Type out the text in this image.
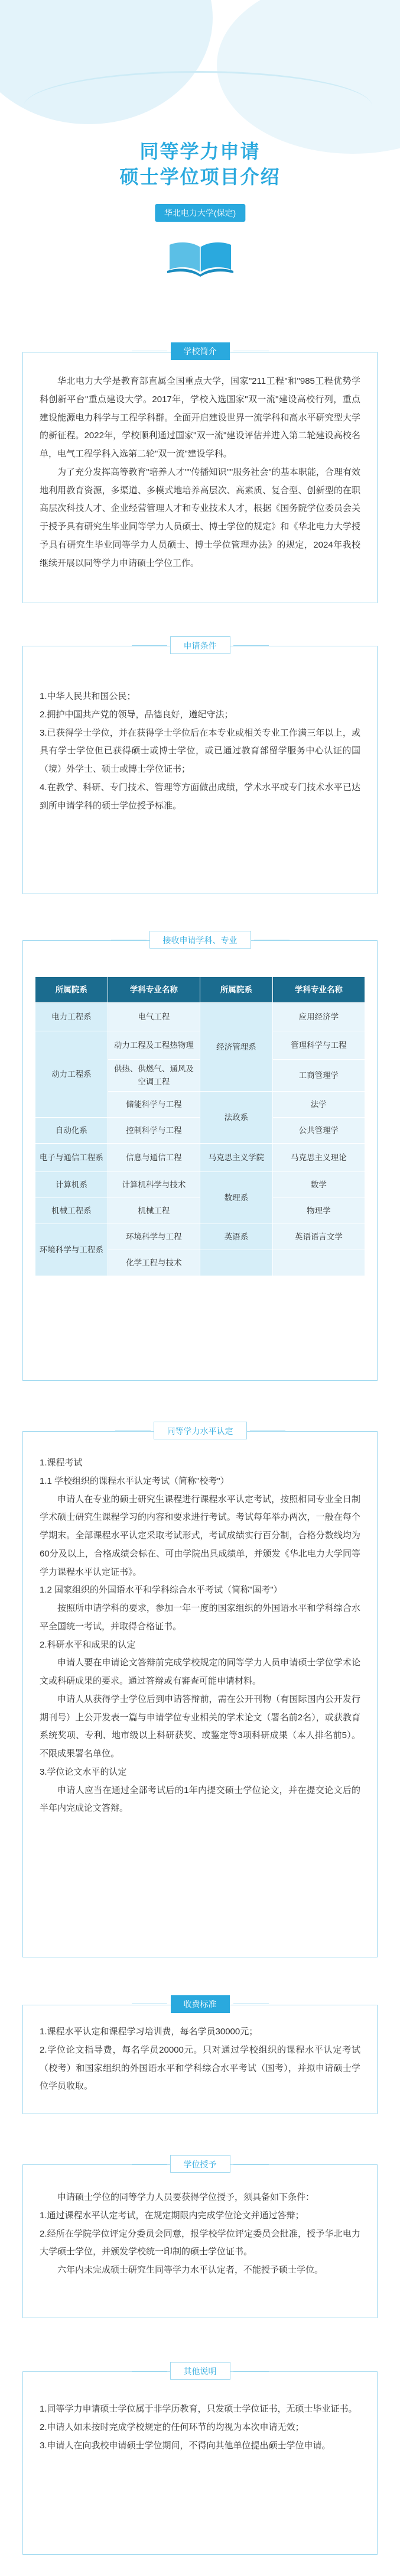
同等学力申请
硕士学位项目介绍
华北电力大学(保定)
学校简介

华北电力大学是教育部直属全国重点大学，国家"211工程"和"985工程优势学科创新平台"重点建设大学。2017年，学校入选国家"双一流"建设高校行列，重点建设能源电力科学与工程学科群。全面开启建设世界一流学科和高水平研究型大学的新征程。2022年，学校顺利通过国家"双一流"建设评估并进入第二轮建设高校名单，电气工程学科入选第二轮"双一流"建设学科。

为了充分发挥高等教育"培养人才""传播知识""服务社会"的基本职能，合理有效地利用教育资源，多渠道、多模式地培养高层次、高素质、复合型、创新型的在职高层次科技人才、企业经营管理人才和专业技术人才，根据《国务院学位委员会关于授予具有研究生毕业同等学力人员硕士、博士学位的规定》和《华北电力大学授予具有研究生毕业同等学力人员硕士、博士学位管理办法》的规定，2024年我校继续开展以同等学力申请硕士学位工作。

申请条件

1.中华人民共和国公民；

2.拥护中国共产党的领导，品德良好，遵纪守法；

3.已获得学士学位，并在获得学士学位后在本专业或相关专业工作满三年以上，或具有学士学位但已获得硕士或博士学位，或已通过教育部留学服务中心认证的国（境）外学士、硕士或博士学位证书；

4.在教学、科研、专门技术、管理等方面做出成绩，学术水平或专门技术水平已达到所申请学科的硕士学位授予标准。

接收申请学科、专业
所属院系	学科专业名称	所属院系	学科专业名称
电力工程系	电气工程	经济管理系	应用经济学
动力工程系	动力工程及工程热物理		管理科学与工程
	供热、供燃气、通风及空调工程		工商管理学
	储能科学与工程	法政系	法学
自动化系	控制科学与工程		公共管理学
电子与通信工程系	信息与通信工程	马克思主义学院	马克思主义理论
计算机系	计算机科学与技术	数理系	数学
机械工程系	机械工程		物理学
环境科学与工程系	环境科学与工程	英语系	英语语言文学
	化学工程与技术		
同等学力水平认定

1.课程考试

1.1 学校组织的课程水平认定考试（简称"校考"）

申请人在专业的硕士研究生课程进行课程水平认定考试，按照相同专业全日制学术硕士研究生课程学习的内容和要求进行考试。考试每年举办两次，一般在每个学期末。全部课程水平认定采取考试形式，考试成绩实行百分制，合格分数线均为60分及以上，合格成绩会标在、可由学院出具成绩单，并颁发《华北电力大学同等学力课程水平认定证书》。

1.2 国家组织的外国语水平和学科综合水平考试（简称"国考"）

按照所申请学科的要求，参加一年一度的国家组织的外国语水平和学科综合水平全国统一考试，并取得合格证书。

2.科研水平和成果的认定

申请人要在申请论文答辩前完成学校规定的同等学力人员申请硕士学位学术论文或科研成果的要求。通过答辩或有審查可能申请材料。

申请人从获得学士学位后到申请答辩前，需在公开刊物（有国际国内公开发行期刊号）上公开发表一篇与申请学位专业相关的学术论文（署名前2名），或获教育系统奖项、专利、地市级以上科研获奖、或鉴定等3项科研成果（本人排名前5）。不限成果署名单位。

3.学位论文水平的认定

申请人应当在通过全部考试后的1年内提交硕士学位论文，并在提交论文后的半年内完成论文答辩。

收费标准

1.课程水平认定和课程学习培训费，每名学员30000元；

2.学位论文指导费，每名学员20000元。只对通过学校组织的课程水平认定考试（校考）和国家组织的外国语水平和学科综合水平考试（国考），并拟申请硕士学位学员收取。

学位授予

申请硕士学位的同等学力人员要获得学位授予，须具备如下条件：

1.通过课程水平认定考试，在规定期限内完成学位论文并通过答辩；

2.经所在学院学位评定分委员会同意，报学校学位评定委员会批准，授予华北电力大学硕士学位，并颁发学校统一印制的硕士学位证书。

六年内未完成硕士研究生同等学力水平认定者，不能授予硕士学位。

其他说明

1.同等学力申请硕士学位属于非学历教育，只发硕士学位证书，无硕士毕业证书。

2.申请人如未按时完成学校规定的任何环节的均视为本次申请无效；

3.申请人在向我校申请硕士学位期间，不得向其他单位提出硕士学位申请。
